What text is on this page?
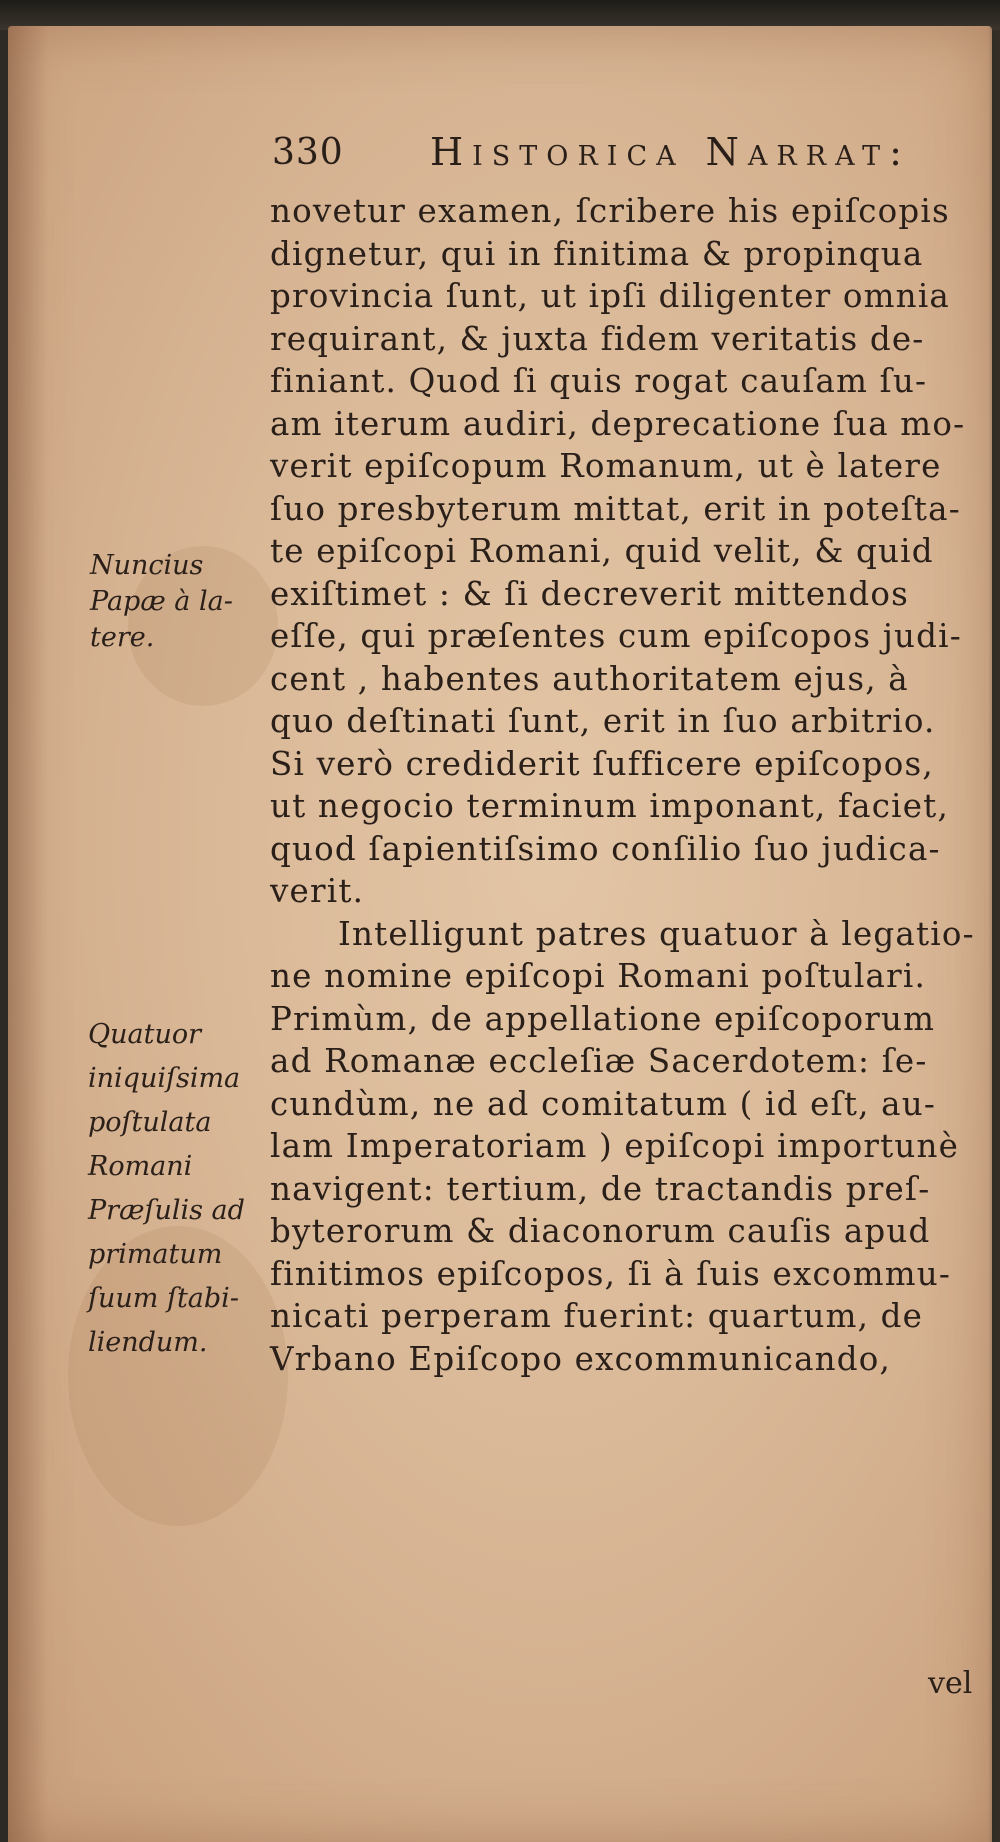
330 Historica Narrat:
novetur examen, ſcribere his epiſcopis
dignetur, qui in finitima & propinqua
provincia ſunt, ut ipſi diligenter omnia
requirant, & juxta fidem veritatis de-
finiant. Quod ſi quis rogat cauſam ſu-
am iterum audiri, deprecatione ſua mo-
verit epiſcopum Romanum, ut è latere
ſuo presbyterum mittat, erit in poteſta-
te epiſcopi Romani, quid velit, & quid
exiſtimet : & ſi decreverit mittendos
eſſe, qui præſentes cum epiſcopos judi-
cent , habentes authoritatem ejus, à
quo deſtinati ſunt, erit in ſuo arbitrio.
Si verò crediderit ſufficere epiſcopos,
ut negocio terminum imponant, faciet,
quod ſapientiſsimo conſilio ſuo judica-
verit.
Intelligunt patres quatuor à legatio-
ne nomine epiſcopi Romani poſtulari.
Primùm, de appellatione epiſcoporum
ad Romanæ eccleſiæ Sacerdotem: ſe-
cundùm, ne ad comitatum ( id eſt, au-
lam Imperatoriam ) epiſcopi importunè
navigent: tertium, de tractandis preſ-
byterorum & diaconorum cauſis apud
finitimos epiſcopos, ſi à ſuis excommu-
nicati perperam fuerint: quartum, de
Vrbano Epiſcopo excommunicando,
vel
Nuncius
Papæ à la-
tere.
Quatuor
iniquiſsima
poſtulata
Romani
Præſulis ad
primatum
ſuum ſtabi-
liendum.
